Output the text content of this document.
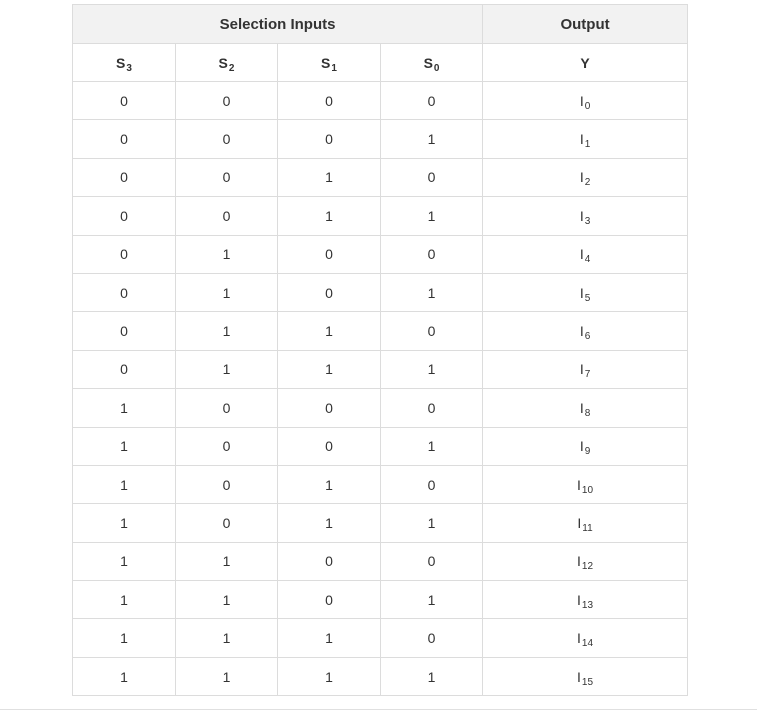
Selection Inputs				Output
$S_3$	$S_2$	$S_1$	$S_0$	Y
0	0	0	0	$I_0$
0	0	0	1	$I_1$
0	0	1	0	$I_2$
0	0	1	1	$I_3$
0	1	0	0	$I_4$
0	1	0	1	$I_5$
0	1	1	0	$I_6$
0	1	1	1	$I_7$
1	0	0	0	$I_8$
1	0	0	1	$I_9$
1	0	1	0	$I_{10}$
1	0	1	1	$I_{11}$
1	1	0	0	$I_{12}$
1	1	0	1	$I_{13}$
1	1	1	0	$I_{14}$
1	1	1	1	$I_{15}$
